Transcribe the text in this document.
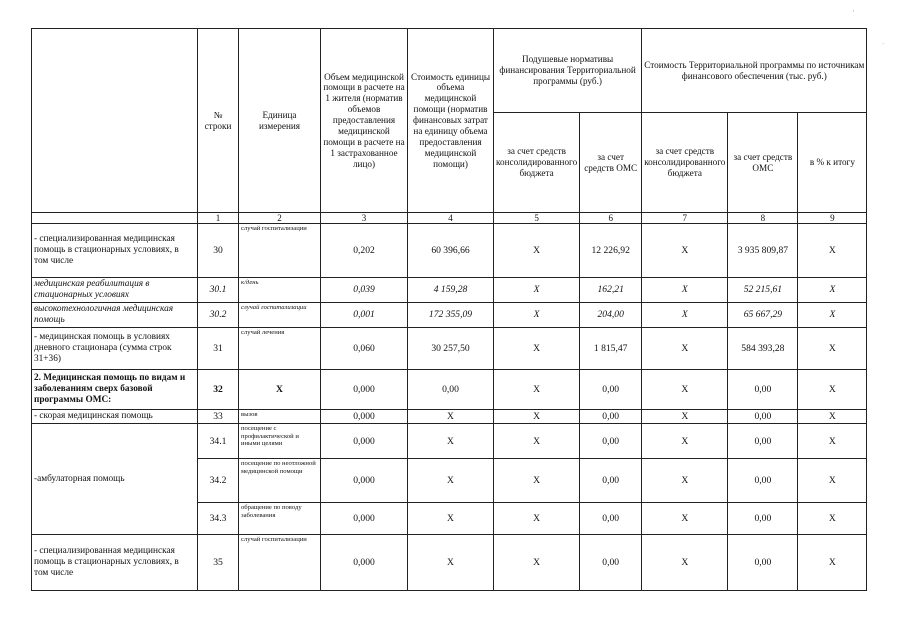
	№ строки	Единица измерения	Объем медицинской помощи в расчете на 1 жителя (норматив объемов предоставления медицинской помощи в расчете на 1 застрахованное лицо)	Стоимость единицы объема медицинской помощи (норматив финансовых затрат на единицу объема предоставления медицинской помощи)	Подушевые нормативы финансирования Территориальной программы (руб.)		Стоимость Территориальной программы по источникам финансового обеспечения (тыс. руб.)		
					за счет средств консолидированного бюджета	за счет средств ОМС	за счет средств консолидированного бюджета	за счет средств ОМС	в % к итогу
	1	2	3	4	5	6	7	8	9
- специализированная медицинская помощь в стационарных условиях, в том числе	30	случай госпитализации	0,202	60 396,66	X	12 226,92	X	3 935 809,87	X
медицинская реабилитация в стационарных условиях	30.1	к/день	0,039	4 159,28	X	162,21	X	52 215,61	X
высокотехнологичная медицинская помощь	30.2	случай госпитализации	0,001	172 355,09	X	204,00	X	65 667,29	X
- медицинская помощь в условиях дневного стационара (сумма строк 31+36)	31	случай лечения	0,060	30 257,50	X	1 815,47	X	584 393,28	X
2. Медицинская помощь по видам и заболеваниям сверх базовой программы ОМС:	32	X	0,000	0,00	X	0,00	X	0,00	X
- скорая медицинская помощь	33	вызов	0,000	X	X	0,00	X	0,00	X
-амбулаторная помощь	34.1	посещение с профилактической и иными целями	0,000	X	X	0,00	X	0,00	X
	34.2	посещение по неотложной медицинской помощи	0,000	X	X	0,00	X	0,00	X
	34.3	обращение по поводу заболевания	0,000	X	X	0,00	X	0,00	X
- специализированная медицинская помощь в стационарных условиях, в том числе	35	случай госпитализации	0,000	X	X	0,00	X	0,00	X
'
·
